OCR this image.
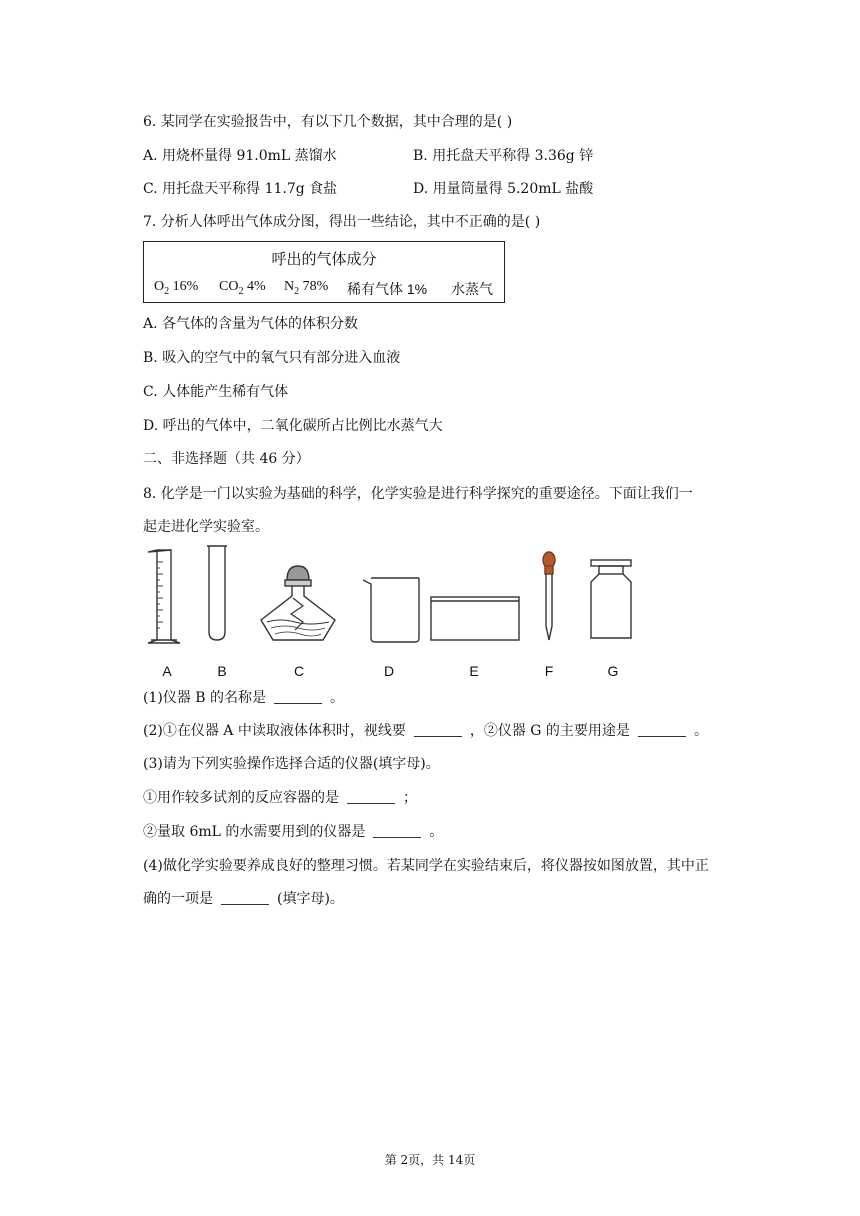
6. 某同学在实验报告中，有以下几个数据，其中合理的是( )
A. 用烧杯量得 91.0mL 蒸馏水	B. 用托盘天平称得 3.36g 锌
C. 用托盘天平称得 11.7g 食盐	D. 用量筒量得 5.20mL 盐酸
7. 分析人体呼出气体成分图，得出一些结论，其中不正确的是( )
呼出的气体成分
$O_2$ 16% $CO_2$ 4% $N_2$ 78% 稀有气体 1% 水蒸气
A. 各气体的含量为气体的体积分数
B. 吸入的空气中的氧气只有部分进入血液
C. 人体能产生稀有气体
D. 呼出的气体中，二氧化碳所占比例比水蒸气大
二、非选择题（共 46 分）
8. 化学是一门以实验为基础的科学，化学实验是进行科学探究的重要途径。下面让我们一
起走进化学实验室。
A	B	C	D	E	F	G
(1)仪器 B 的名称是	。
(2)①在仪器 A 中读取液体体积时，视线要	，②仪器 G 的主要用途是	。
(3)请为下列实验操作选择合适的仪器(填字母)。
①用作较多试剂的反应容器的是	；
②量取 6mL 的水需要用到的仪器是	。
(4)做化学实验要养成良好的整理习惯。若某同学在实验结束后，将仪器按如图放置，其中正
确的一项是	(填字母)。
第 2页，共 14页
